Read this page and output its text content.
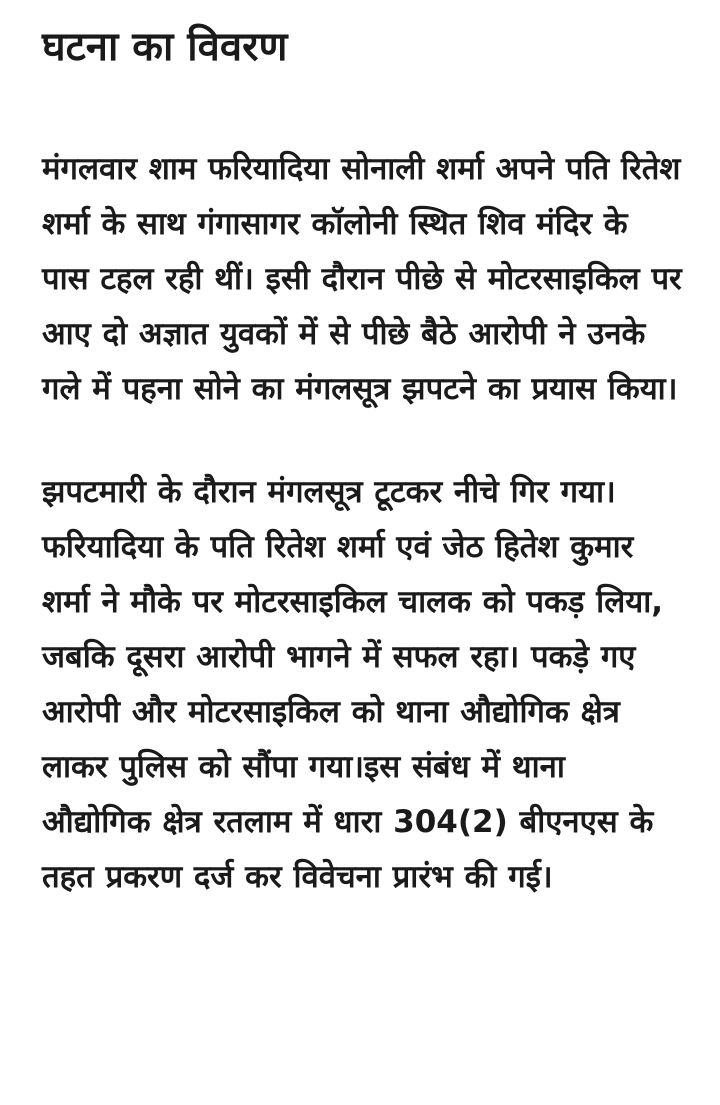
घटना का विवरण

मंगलवार शाम फरियादिया सोनाली शर्मा अपने पति रितेश शर्मा के साथ गंगासागर कॉलोनी स्थित शिव मंदिर के पास टहल रही थीं। इसी दौरान पीछे से मोटरसाइकिल पर आए दो अज्ञात युवकों में से पीछे बैठे आरोपी ने उनके गले में पहना सोने का मंगलसूत्र झपटने का प्रयास किया।

झपटमारी के दौरान मंगलसूत्र टूटकर नीचे गिर गया। फरियादिया के पति रितेश शर्मा एवं जेठ हितेश कुमार शर्मा ने मौके पर मोटरसाइकिल चालक को पकड़ लिया, जबकि दूसरा आरोपी भागने में सफल रहा। पकड़े गए आरोपी और मोटरसाइकिल को थाना औद्योगिक क्षेत्र लाकर पुलिस को सौंपा गया।इस संबंध में थाना औद्योगिक क्षेत्र रतलाम में धारा 304(2) बीएनएस के तहत प्रकरण दर्ज कर विवेचना प्रारंभ की गई।
